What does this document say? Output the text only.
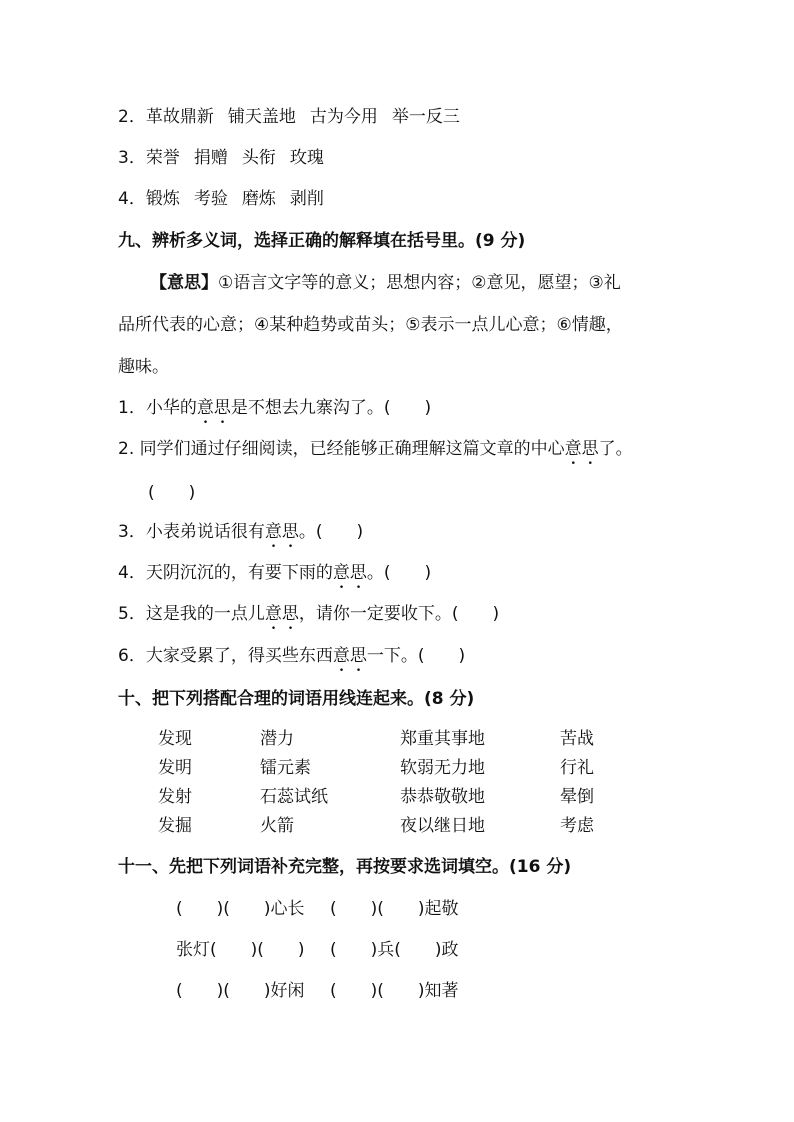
2．革故鼎新 铺天盖地 古为今用 举一反三
3．荣誉 捐赠 头衔 玫瑰
4．锻炼 考验 磨炼 剥削
九、辨析多义词，选择正确的解释填在括号里。(9 分)
【意思】①语言文字等的意义；思想内容；②意见，愿望；③礼
品所代表的心意；④某种趋势或苗头；⑤表示一点儿心意；⑥情趣，
趣味。
1．小华的意思是不想去九寨沟了。(　　)
2. 同学们通过仔细阅读，已经能够正确理解这篇文章的中心意思了。
(　　)
3．小表弟说话很有意思。(　　)
4．天阴沉沉的，有要下雨的意思。(　　)
5．这是我的一点儿意思，请你一定要收下。(　　)
6．大家受累了，得买些东西意思一下。(　　)
十、把下列搭配合理的词语用线连起来。(8 分)
发现	潜力	郑重其事地	苦战
发明	镭元素	软弱无力地	行礼
发射	石蕊试纸	恭恭敬敬地	晕倒
发掘	火箭	夜以继日地	考虑
十一、先把下列词语补充完整，再按要求选词填空。(16 分)
(　　)(　　)心长 (　　)(　　)起敬
张灯(　　)(　　) (　　)兵(　　)政
(　　)(　　)好闲 (　　)(　　)知著
